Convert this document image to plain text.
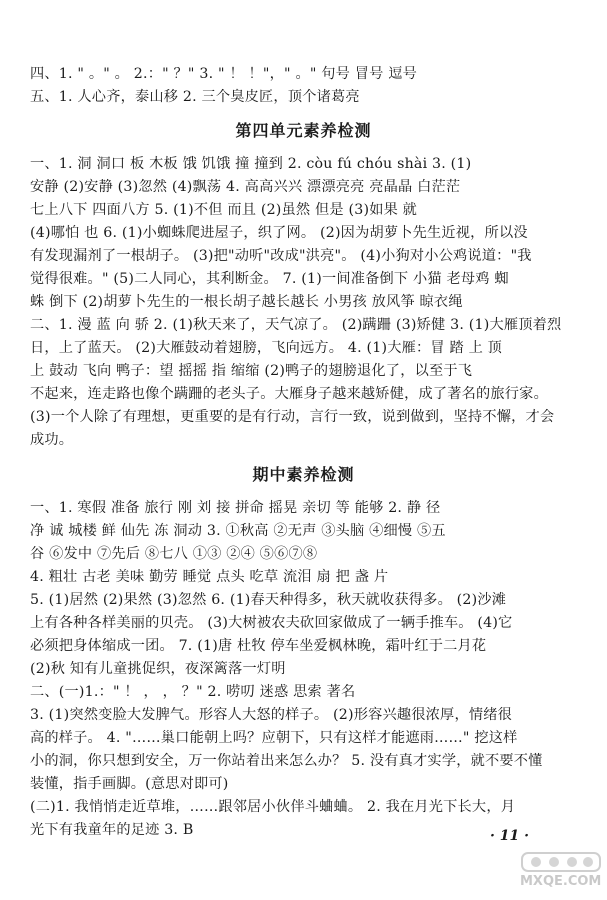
四、1. " 。" 。 2.：" ？" 3. " ！ ！"，" 。" 句号 冒号 逗号
五、1. 人心齐，泰山移 2. 三个臭皮匠，顶个诸葛亮
第四单元素养检测
一、1. 洞 洞口 板 木板 饿 饥饿 撞 撞到 2. còu fú chóu shài 3. (1)
安静 (2)安静 (3)忽然 (4)飘荡 4. 高高兴兴 漂漂亮亮 亮晶晶 白茫茫
七上八下 四面八方 5. (1)不但 而且 (2)虽然 但是 (3)如果 就
(4)哪怕 也 6. (1)小蜘蛛爬进屋子，织了网。 (2)因为胡萝卜先生近视，所以没
有发现漏剂了一根胡子。 (3)把"动听"改成"洪亮"。 (4)小狗对小公鸡说道："我
觉得很难。" (5)二人同心，其利断金。 7. (1)一间准备倒下 小猫 老母鸡 蜘
蛛 倒下 (2)胡萝卜先生的一根长胡子越长越长 小男孩 放风筝 晾衣绳
二、1. 漫 蓝 向 骄 2. (1)秋天来了，天气凉了。 (2)蹒跚 (3)矫健 3. (1)大雁顶着烈
日，上了蓝天。 (2)大雁鼓动着翅膀，飞向远方。 4. (1)大雁：冒 踏 上 顶
上 鼓动 飞向 鸭子：望 摇摇 指 缩缩 (2)鸭子的翅膀退化了，以至于飞
不起来，连走路也像个蹒跚的老头子。大雁身子越来越矫健，成了著名的旅行家。
(3)一个人除了有理想，更重要的是有行动，言行一致，说到做到，坚持不懈，才会
成功。
期中素养检测
一、1. 寒假 准备 旅行 刚 刘 接 拼命 摇晃 亲切 等 能够 2. 静 径
净 诚 城楼 鲜 仙先 冻 洞动 3. ①秋高 ②无声 ③头脑 ④细慢 ⑤五
谷 ⑥发中 ⑦先后 ⑧七八 ①③ ②④ ⑤⑥⑦⑧
4. 粗壮 古老 美味 勤劳 睡觉 点头 吃草 流泪 扇 把 盏 片
5. (1)居然 (2)果然 (3)忽然 6. (1)春天种得多，秋天就收获得多。 (2)沙滩
上有各种各样美丽的贝壳。 (3)大树被农夫砍回家做成了一辆手推车。 (4)它
必须把身体缩成一团。 7. (1)唐 杜牧 停车坐爱枫林晚，霜叶红于二月花
(2)秋 知有儿童挑促织，夜深篱落一灯明
二、(一)1.：" ！ ， ， ？" 2. 唠叨 迷惑 思索 著名
3. (1)突然变脸大发脾气。形容人大怒的样子。 (2)形容兴趣很浓厚，情绪很
高的样子。 4. "……巢口能朝上吗？应朝下，只有这样才能遮雨……" 挖这样
小的洞，你只想到安全，万一你站着出来怎么办？ 5. 没有真才实学，就不要不懂
装懂，指手画脚。(意思对即可)
(二)1. 我悄悄走近草堆，……跟邻居小伙伴斗蛐蛐。 2. 我在月光下长大，月
光下有我童年的足迹 3. B	· 11 ·
MXQE.COM
